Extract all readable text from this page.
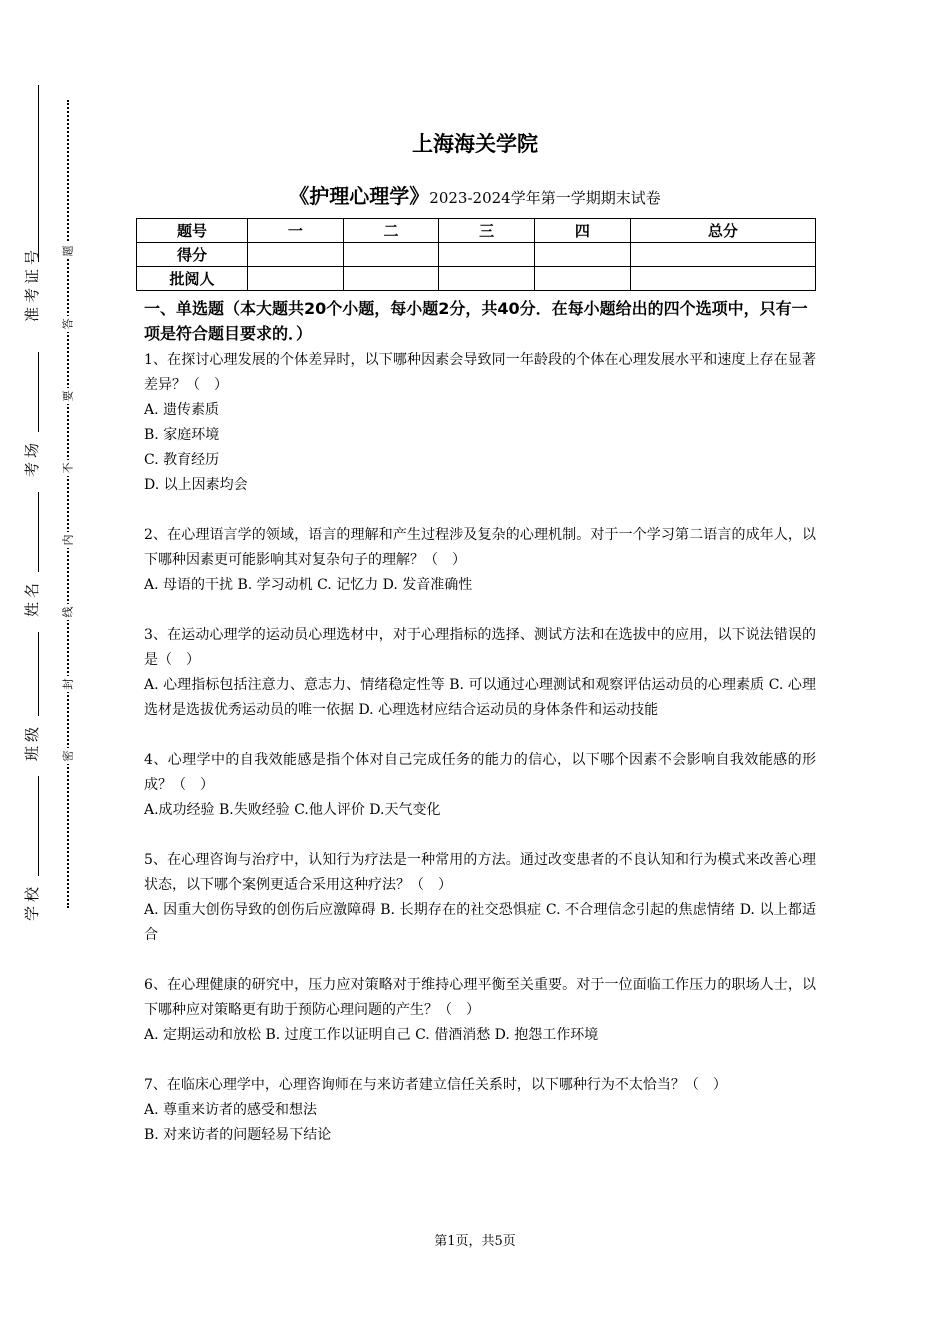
准考证号
考场
姓名
班级
学校
题
答
要
不
内
线
封
密
上海海关学院
《护理心理学》2023-2024学年第一学期期末试卷
题号	一	二	三	四	总分
得分					
批阅人					
一、单选题（本大题共20个小题，每小题2分，共40分．在每小题给出的四个选项中，只有一项是符合题目要求的．）

1、在探讨心理发展的个体差异时，以下哪种因素会导致同一年龄段的个体在心理发展水平和速度上存在显著差异？（　）

A. 遗传素质

B. 家庭环境

C. 教育经历

D. 以上因素均会

2、在心理语言学的领域，语言的理解和产生过程涉及复杂的心理机制。对于一个学习第二语言的成年人，以下哪种因素更可能影响其对复杂句子的理解？（　）

A. 母语的干扰 B. 学习动机 C. 记忆力 D. 发音准确性

3、在运动心理学的运动员心理选材中，对于心理指标的选择、测试方法和在选拔中的应用，以下说法错误的是（　）

A. 心理指标包括注意力、意志力、情绪稳定性等 B. 可以通过心理测试和观察评估运动员的心理素质 C. 心理选材是选拔优秀运动员的唯一依据 D. 心理选材应结合运动员的身体条件和运动技能

4、心理学中的自我效能感是指个体对自己完成任务的能力的信心，以下哪个因素不会影响自我效能感的形成？（　）

A.成功经验 B.失败经验 C.他人评价 D.天气变化

5、在心理咨询与治疗中，认知行为疗法是一种常用的方法。通过改变患者的不良认知和行为模式来改善心理状态，以下哪个案例更适合采用这种疗法？（　）

A. 因重大创伤导致的创伤后应激障碍 B. 长期存在的社交恐惧症 C. 不合理信念引起的焦虑情绪 D. 以上都适合

6、在心理健康的研究中，压力应对策略对于维持心理平衡至关重要。对于一位面临工作压力的职场人士，以下哪种应对策略更有助于预防心理问题的产生？（　）

A. 定期运动和放松 B. 过度工作以证明自己 C. 借酒消愁 D. 抱怨工作环境

7、在临床心理学中，心理咨询师在与来访者建立信任关系时，以下哪种行为不太恰当？（　）

A. 尊重来访者的感受和想法

B. 对来访者的问题轻易下结论

第1页，共5页
